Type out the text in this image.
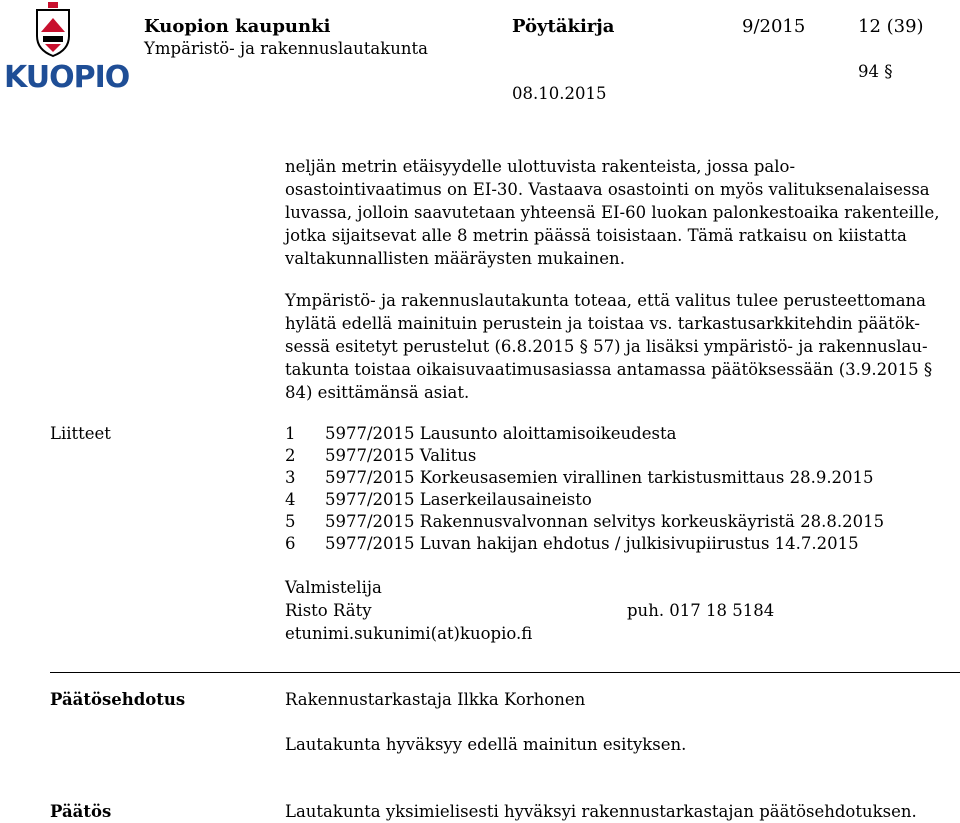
KUOPIO
Kuopion kaupunki
Ympäristö- ja rakennuslautakunta
Pöytäkirja	9/2015	12 (39)
94 §
08.10.2015
neljän metrin etäisyydelle ulottuvista rakenteista, jossa palo-
osastointivaatimus on EI-30. Vastaava osastointi on myös valituksenalaisessa
luvassa, jolloin saavutetaan yhteensä EI-60 luokan palonkestoaika rakenteille,
jotka sijaitsevat alle 8 metrin päässä toisistaan. Tämä ratkaisu on kiistatta
valtakunnallisten määräysten mukainen.
Ympäristö- ja rakennuslautakunta toteaa, että valitus tulee perusteettomana
hylätä edellä mainituin perustein ja toistaa vs. tarkastusarkkitehdin päätök-
sessä esitetyt perustelut (6.8.2015 § 57) ja lisäksi ympäristö- ja rakennuslau-
takunta toistaa oikaisuvaatimusasiassa antamassa päätöksessään (3.9.2015 §
84) esittämänsä asiat.
Liitteet	1 5977/2015 Lausunto aloittamisoikeudesta
2 5977/2015 Valitus
3 5977/2015 Korkeusasemien virallinen tarkistusmittaus 28.9.2015
4 5977/2015 Laserkeilausaineisto
5 5977/2015 Rakennusvalvonnan selvitys korkeuskäyristä 28.8.2015
6 5977/2015 Luvan hakijan ehdotus / julkisivupiirustus 14.7.2015
Valmistelija
Risto Räty	puh. 017 18 5184
etunimi.sukunimi(at)kuopio.fi
Päätösehdotus	Rakennustarkastaja Ilkka Korhonen
Lautakunta hyväksyy edellä mainitun esityksen.
Päätös	Lautakunta yksimielisesti hyväksyi rakennustarkastajan päätösehdotuksen.
